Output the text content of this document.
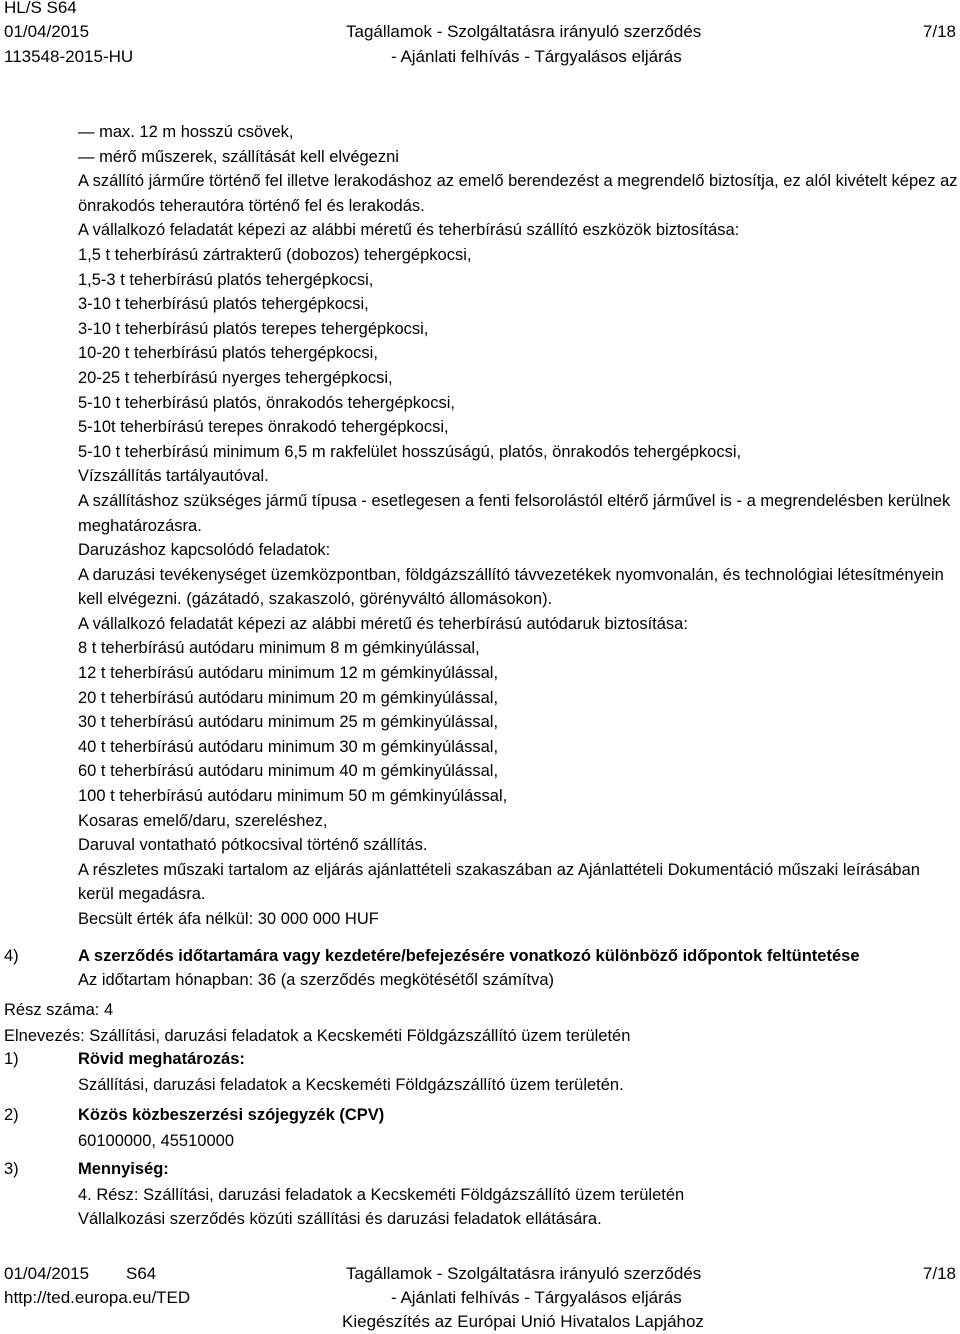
HL/S S64
01/04/2015
113548-2015-HU
Tagállamok - Szolgáltatásra irányuló szerződés
- Ajánlati felhívás - Tárgyalásos eljárás
7/18
— max. 12 m hosszú csövek,
— mérő műszerek, szállítását kell elvégezni
A szállító járműre történő fel illetve lerakodáshoz az emelő berendezést a megrendelő biztosítja, ez alól kivételt képez az önrakodós teherautóra történő fel és lerakodás.
A vállalkozó feladatát képezi az alábbi méretű és teherbírású szállító eszközök biztosítása:
1,5 t teherbírású zártrakterű (dobozos) tehergépkocsi,
1,5-3 t teherbírású platós tehergépkocsi,
3-10 t teherbírású platós tehergépkocsi,
3-10 t teherbírású platós terepes tehergépkocsi,
10-20 t teherbírású platós tehergépkocsi,
20-25 t teherbírású nyerges tehergépkocsi,
5-10 t teherbírású platós, önrakodós tehergépkocsi,
5-10t teherbírású terepes önrakodó tehergépkocsi,
5-10 t teherbírású minimum 6,5 m rakfelület hosszúságú, platós, önrakodós tehergépkocsi,
Vízszállítás tartályautóval.
A szállításhoz szükséges jármű típusa - esetlegesen a fenti felsorolástól eltérő járművel is - a megrendelésben kerülnek meghatározásra.
Daruzáshoz kapcsolódó feladatok:
A daruzási tevékenységet üzemközpontban, földgázszállító távvezetékek nyomvonalán, és technológiai létesítményein kell elvégezni. (gázátadó, szakaszoló, görényváltó állomásokon).
A vállalkozó feladatát képezi az alábbi méretű és teherbírású autódaruk biztosítása:
8 t teherbírású autódaru minimum 8 m gémkinyúlással,
12 t teherbírású autódaru minimum 12 m gémkinyúlással,
20 t teherbírású autódaru minimum 20 m gémkinyúlással,
30 t teherbírású autódaru minimum 25 m gémkinyúlással,
40 t teherbírású autódaru minimum 30 m gémkinyúlással,
60 t teherbírású autódaru minimum 40 m gémkinyúlással,
100 t teherbírású autódaru minimum 50 m gémkinyúlással,
Kosaras emelő/daru, szereléshez,
Daruval vontatható pótkocsival történő szállítás.
A részletes műszaki tartalom az eljárás ajánlattételi szakaszában az Ajánlattételi Dokumentáció műszaki leírásában kerül megadásra.
Becsült érték áfa nélkül: 30 000 000 HUF
4)	A szerződés időtartamára vagy kezdetére/befejezésére vonatkozó különböző időpontok feltüntetése
Az időtartam hónapban: 36 (a szerződés megkötésétől számítva)
Rész száma: 4
Elnevezés: Szállítási, daruzási feladatok a Kecskeméti Földgázszállító üzem területén
1)	Rövid meghatározás:
Szállítási, daruzási feladatok a Kecskeméti Földgázszállító üzem területén.
2)	Közös közbeszerzési szójegyzék (CPV)
60100000, 45510000
3)	Mennyiség:
4. Rész: Szállítási, daruzási feladatok a Kecskeméti Földgázszállító üzem területén
Vállalkozási szerződés közúti szállítási és daruzási feladatok ellátására.
01/04/2015 S64
http://ted.europa.eu/TED
Tagállamok - Szolgáltatásra irányuló szerződés
- Ajánlati felhívás - Tárgyalásos eljárás
Kiegészítés az Európai Unió Hivatalos Lapjához
7/18
